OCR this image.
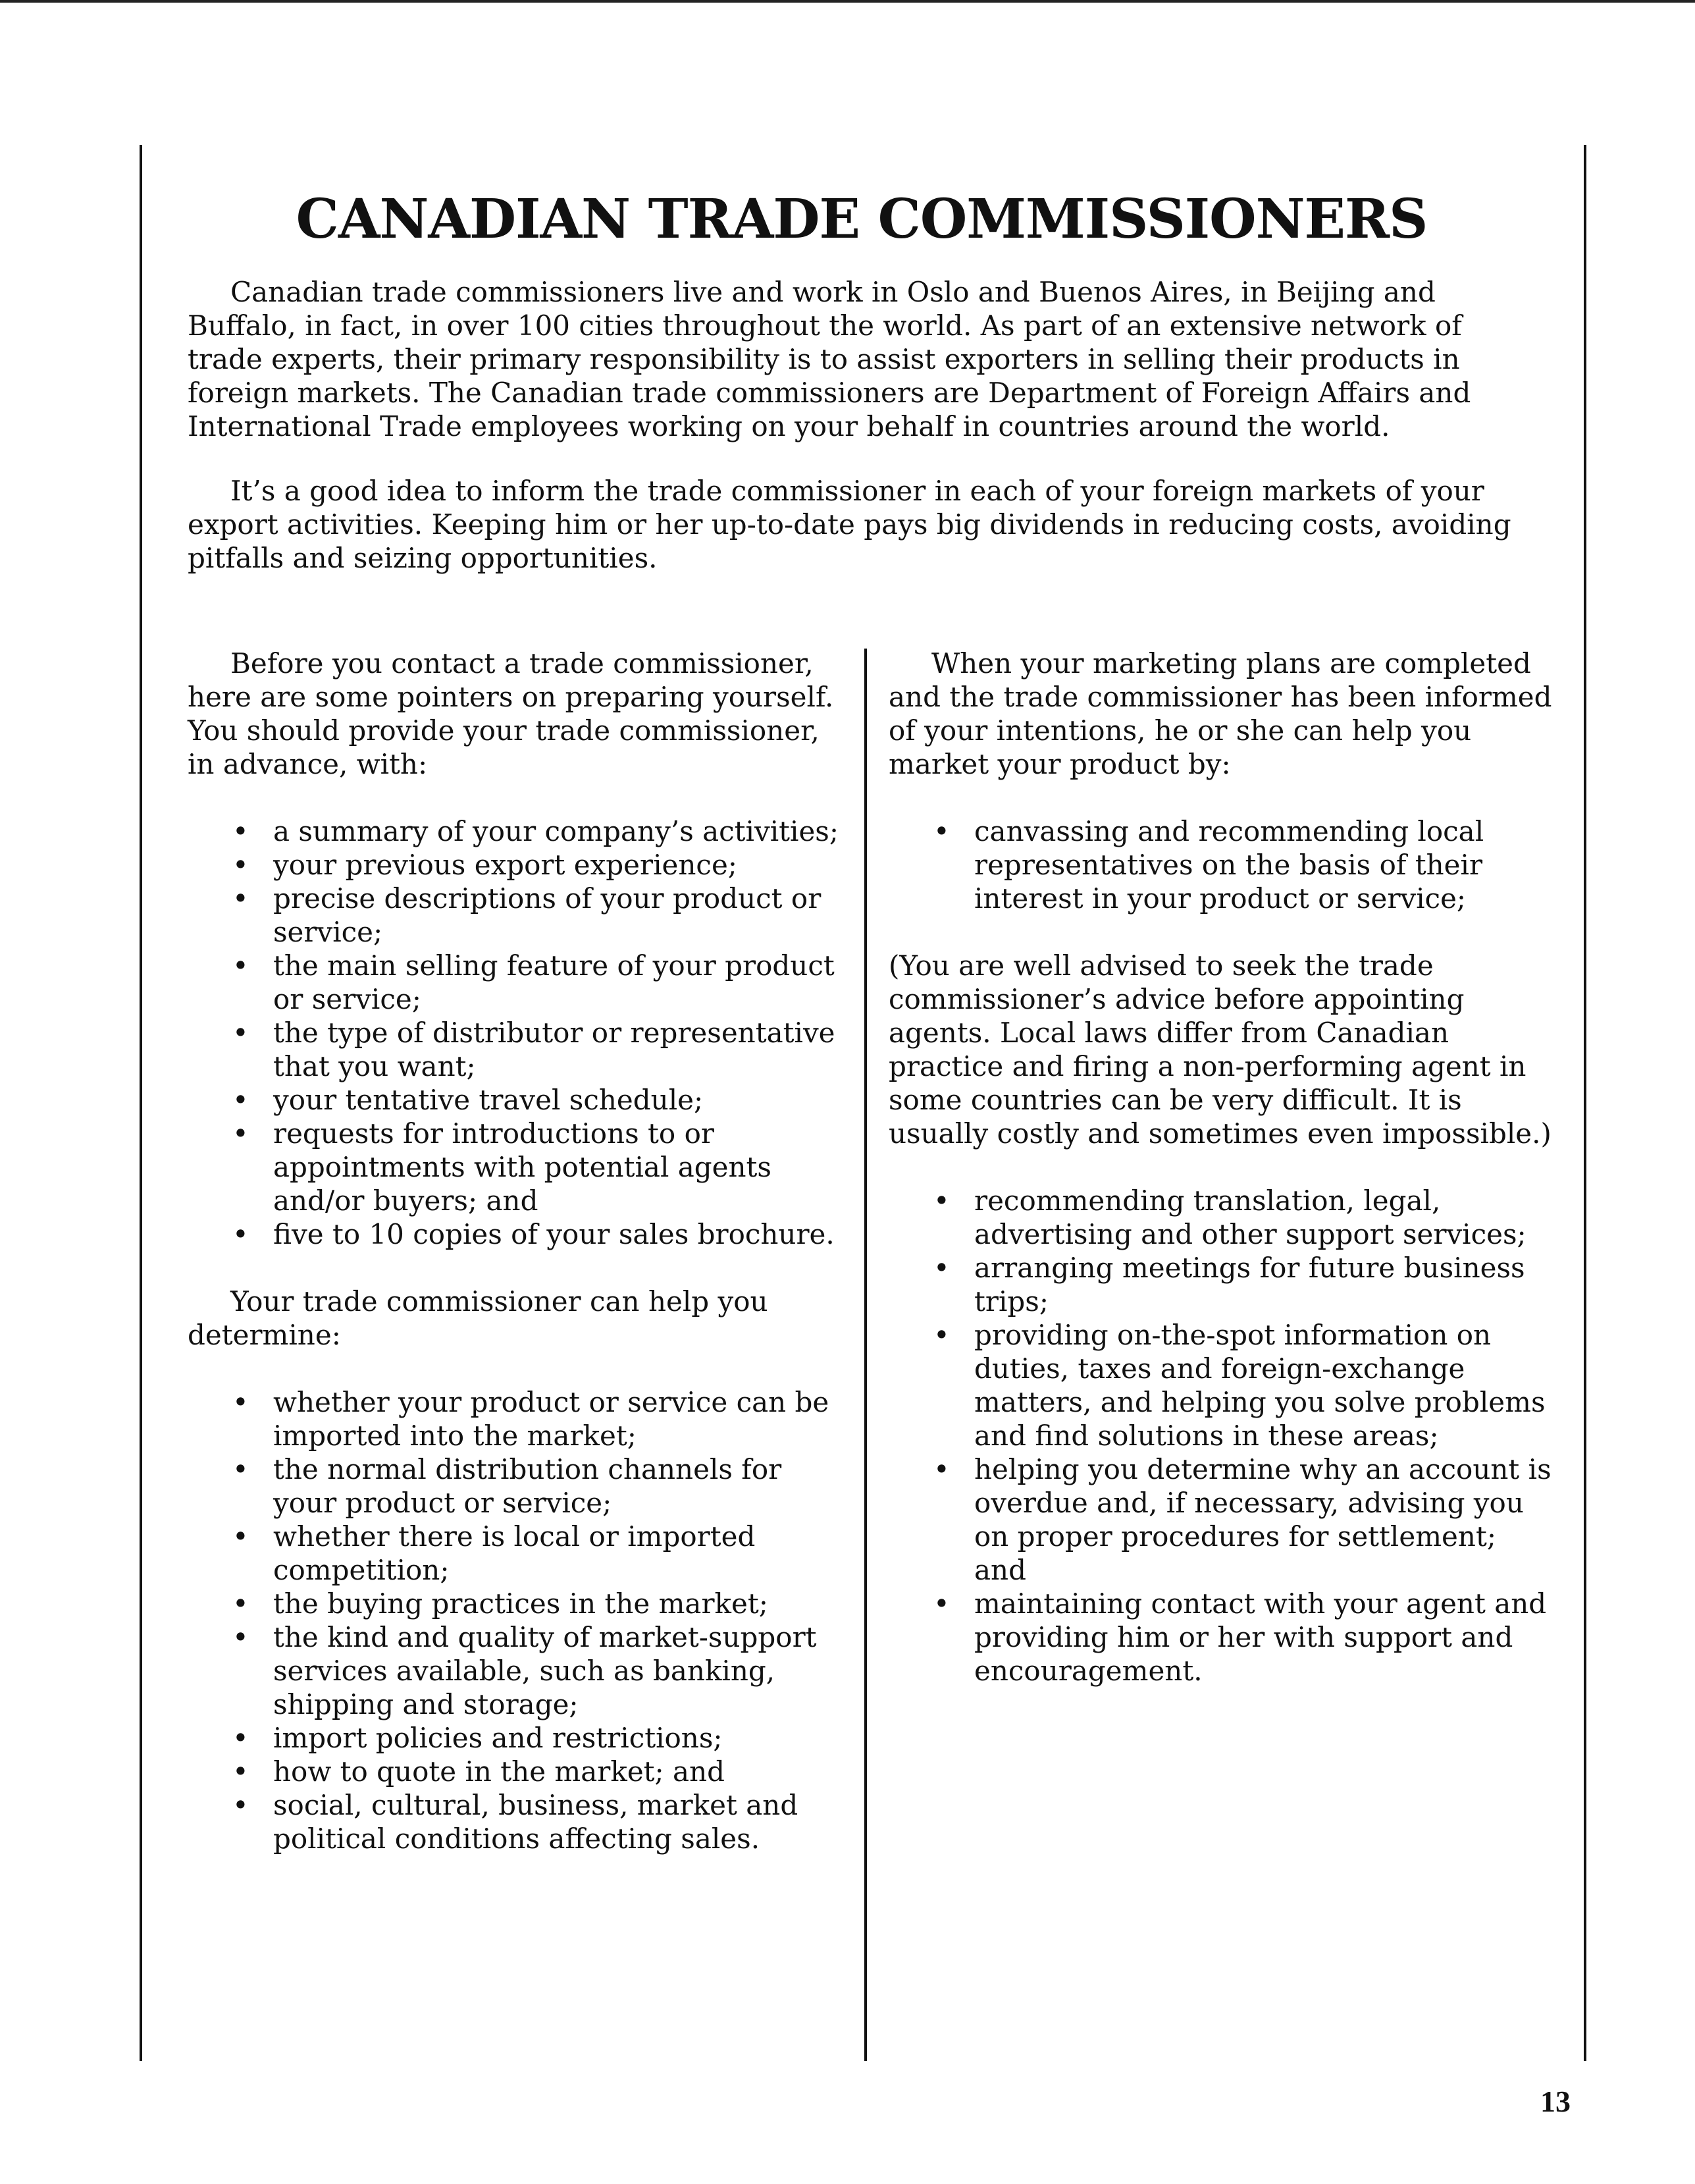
CANADIAN TRADE COMMISSIONERS

Canadian trade commissioners live and work in Oslo and Buenos Aires, in Beijing and Buffalo, in fact, in over 100 cities throughout the world. As part of an extensive network of trade experts, their primary responsibility is to assist exporters in selling their products in foreign markets. The Canadian trade commissioners are Department of Foreign Affairs and International Trade employees working on your behalf in countries around the world.

It’s a good idea to inform the trade commissioner in each of your foreign markets of your export activities. Keeping him or her up-to-date pays big dividends in reducing costs, avoiding pitfalls and seizing opportunities.

Before you contact a trade commissioner, here are some pointers on preparing yourself. You should provide your trade commissioner, in advance, with:

• a summary of your company’s activities;
• your previous export experience;
• precise descriptions of your product or service;
• the main selling feature of your product or service;
• the type of distributor or representative that you want;
• your tentative travel schedule;
• requests for introductions to or appointments with potential agents and/or buyers; and
• five to 10 copies of your sales brochure.

Your trade commissioner can help you determine:

• whether your product or service can be imported into the market;
• the normal distribution channels for your product or service;
• whether there is local or imported competition;
• the buying practices in the market;
• the kind and quality of market-support services available, such as banking, shipping and storage;
• import policies and restrictions;
• how to quote in the market; and
• social, cultural, business, market and political conditions affecting sales.

When your marketing plans are completed and the trade commissioner has been informed of your intentions, he or she can help you market your product by:

• canvassing and recommending local representatives on the basis of their interest in your product or service;

(You are well advised to seek the trade commissioner’s advice before appointing agents. Local laws differ from Canadian practice and firing a non-performing agent in some countries can be very difficult. It is usually costly and sometimes even impossible.)

• recommending translation, legal, advertising and other support services;
• arranging meetings for future business trips;
• providing on-the-spot information on duties, taxes and foreign-exchange matters, and helping you solve problems and find solutions in these areas;
• helping you determine why an account is overdue and, if necessary, advising you on proper procedures for settlement; and
• maintaining contact with your agent and providing him or her with support and encouragement.
13
